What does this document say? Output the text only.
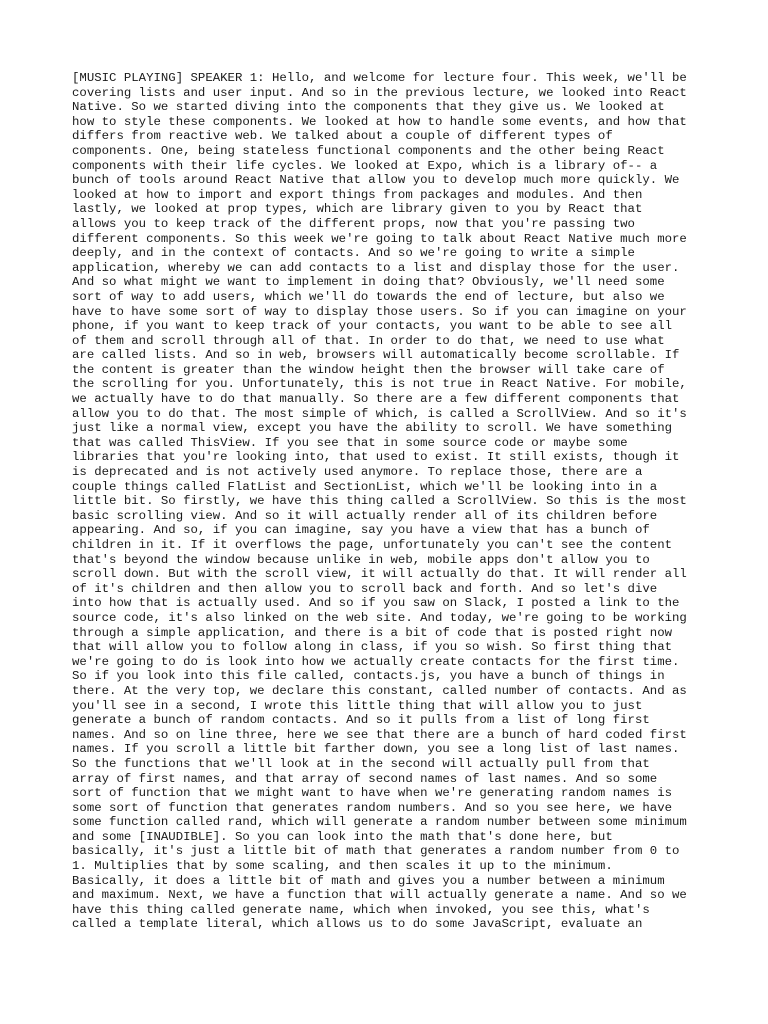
[MUSIC PLAYING] SPEAKER 1: Hello, and welcome for lecture four. This week, we'll be
covering lists and user input. And so in the previous lecture, we looked into React
Native. So we started diving into the components that they give us. We looked at
how to style these components. We looked at how to handle some events, and how that
differs from reactive web. We talked about a couple of different types of
components. One, being stateless functional components and the other being React
components with their life cycles. We looked at Expo, which is a library of-- a
bunch of tools around React Native that allow you to develop much more quickly. We
looked at how to import and export things from packages and modules. And then
lastly, we looked at prop types, which are library given to you by React that
allows you to keep track of the different props, now that you're passing two
different components. So this week we're going to talk about React Native much more
deeply, and in the context of contacts. And so we're going to write a simple
application, whereby we can add contacts to a list and display those for the user.
And so what might we want to implement in doing that? Obviously, we'll need some
sort of way to add users, which we'll do towards the end of lecture, but also we
have to have some sort of way to display those users. So if you can imagine on your
phone, if you want to keep track of your contacts, you want to be able to see all
of them and scroll through all of that. In order to do that, we need to use what
are called lists. And so in web, browsers will automatically become scrollable. If
the content is greater than the window height then the browser will take care of
the scrolling for you. Unfortunately, this is not true in React Native. For mobile,
we actually have to do that manually. So there are a few different components that
allow you to do that. The most simple of which, is called a ScrollView. And so it's
just like a normal view, except you have the ability to scroll. We have something
that was called ThisView. If you see that in some source code or maybe some
libraries that you're looking into, that used to exist. It still exists, though it
is deprecated and is not actively used anymore. To replace those, there are a
couple things called FlatList and SectionList, which we'll be looking into in a
little bit. So firstly, we have this thing called a ScrollView. So this is the most
basic scrolling view. And so it will actually render all of its children before
appearing. And so, if you can imagine, say you have a view that has a bunch of
children in it. If it overflows the page, unfortunately you can't see the content
that's beyond the window because unlike in web, mobile apps don't allow you to
scroll down. But with the scroll view, it will actually do that. It will render all
of it's children and then allow you to scroll back and forth. And so let's dive
into how that is actually used. And so if you saw on Slack, I posted a link to the
source code, it's also linked on the web site. And today, we're going to be working
through a simple application, and there is a bit of code that is posted right now
that will allow you to follow along in class, if you so wish. So first thing that
we're going to do is look into how we actually create contacts for the first time.
So if you look into this file called, contacts.js, you have a bunch of things in
there. At the very top, we declare this constant, called number of contacts. And as
you'll see in a second, I wrote this little thing that will allow you to just
generate a bunch of random contacts. And so it pulls from a list of long first
names. And so on line three, here we see that there are a bunch of hard coded first
names. If you scroll a little bit farther down, you see a long list of last names.
So the functions that we'll look at in the second will actually pull from that
array of first names, and that array of second names of last names. And so some
sort of function that we might want to have when we're generating random names is
some sort of function that generates random numbers. And so you see here, we have
some function called rand, which will generate a random number between some minimum
and some [INAUDIBLE]. So you can look into the math that's done here, but
basically, it's just a little bit of math that generates a random number from 0 to
1. Multiplies that by some scaling, and then scales it up to the minimum.
Basically, it does a little bit of math and gives you a number between a minimum
and maximum. Next, we have a function that will actually generate a name. And so we
have this thing called generate name, which when invoked, you see this, what's
called a template literal, which allows us to do some JavaScript, evaluate an
